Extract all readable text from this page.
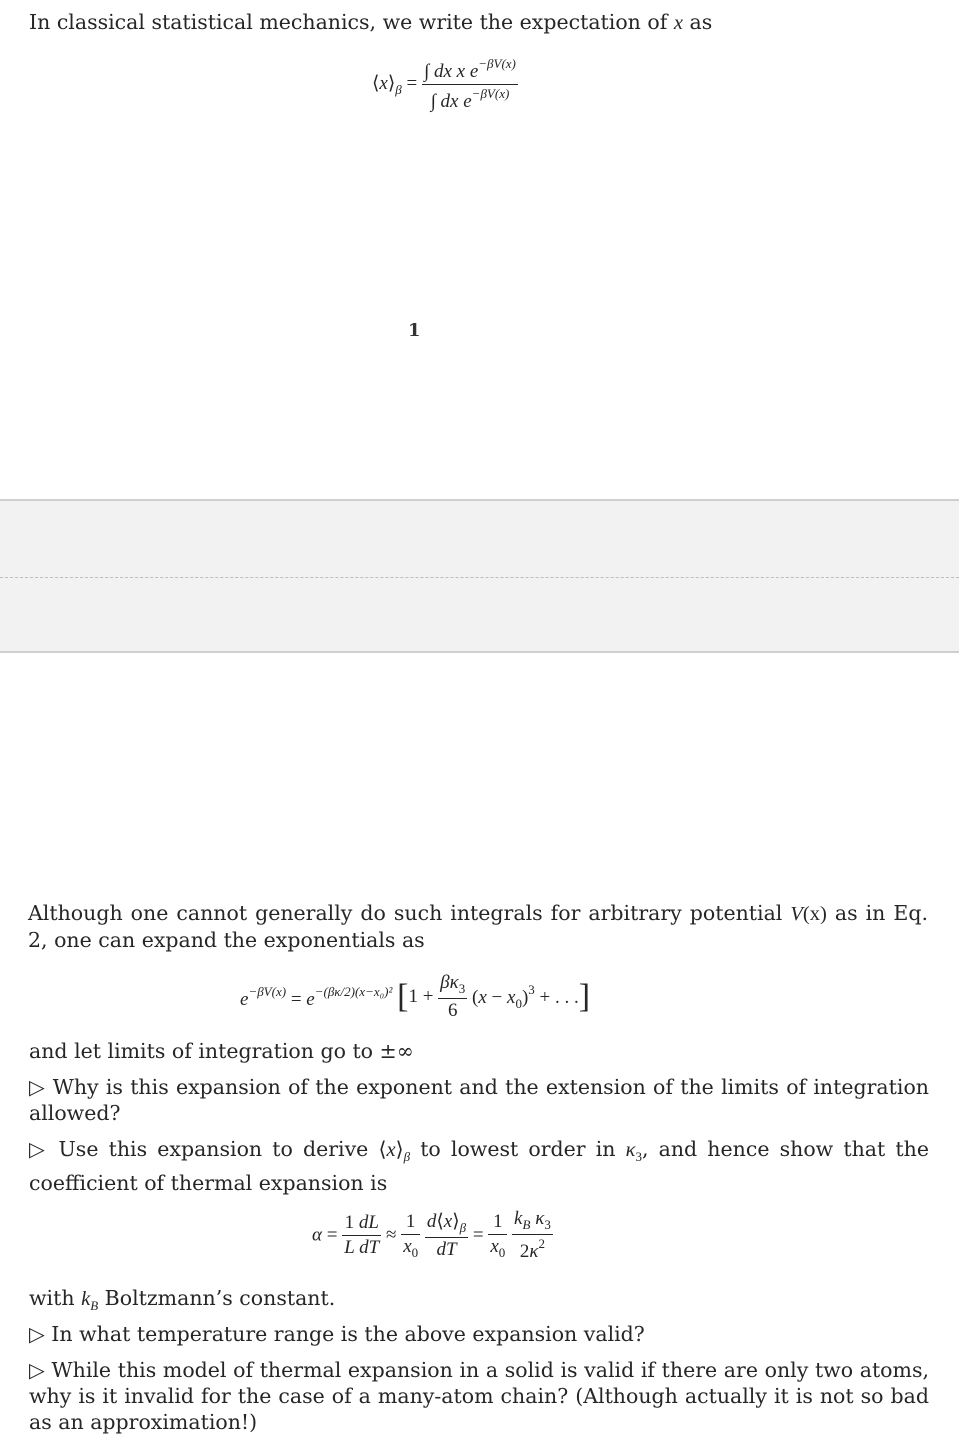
In classical statistical mechanics, we write the expectation of x as
$⟨x⟩_\beta = \frac{\int dx x e^{-\beta V(x)}}{\int dx e^{-\beta V(x)}}$
1
Although one cannot generally do such integrals for arbitrary potential V(x) as in Eq. 2, one can expand the exponentials as
$e^{-\beta V(x)} = e^{-(\beta\kappa/2)(x-x_0)^2}$ [$1 + \frac{\beta\kappa_3}{6} (x - x_0)^3$ + . . .]
and let limits of integration go to ±∞
▷ Why is this expansion of the exponent and the extension of the limits of integration allowed?
▷ Use this expansion to derive $⟨x⟩_\beta$ to lowest order in $\kappa_3$, and hence show that the coefficient of thermal expansion is
$\alpha = \frac{1 dL}{\text{L dT}} \approx \frac{1}{x_0}$
$\frac{d⟨x⟩_\beta}{dT} = \frac{1}{x_0}$
$\frac{k_B \kappa_3}{2\kappa^2}$
with $k_B$ Boltzmann’s constant.
▷ In what temperature range is the above expansion valid?
▷ While this model of thermal expansion in a solid is valid if there are only two atoms, why is it invalid for the case of a many-atom chain? (Although actually it is not so bad as an approximation!)
